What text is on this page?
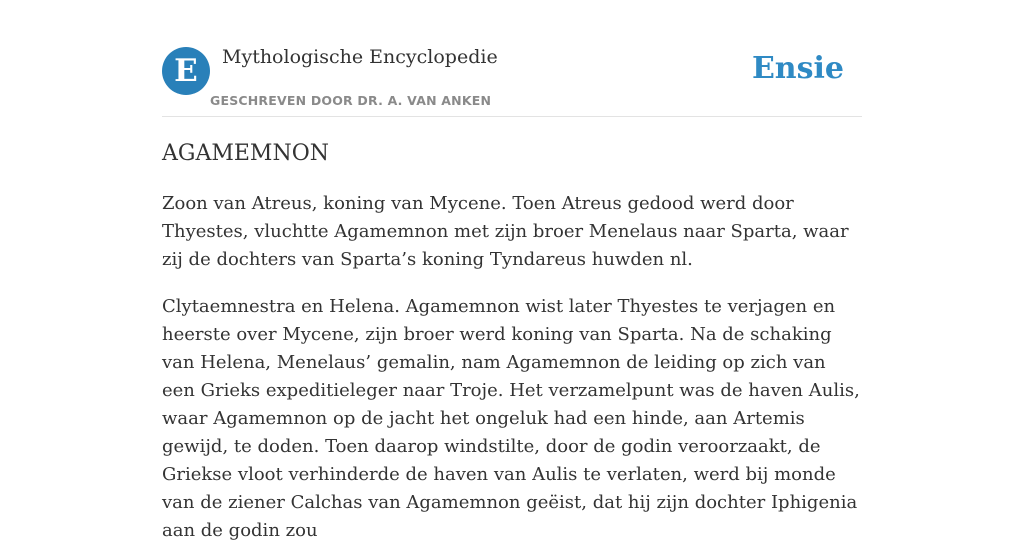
E	Mythologische Encyclopedie
GESCHREVEN DOOR DR. A. VAN ANKEN
Ensie
AGAMEMNON

Zoon van Atreus, koning van Mycene. Toen Atreus gedood werd door Thyestes, vluchtte Agamemnon met zijn broer Menelaus naar Sparta, waar zij de dochters van Sparta’s koning Tyndareus huwden nl.

Clytaemnestra en Helena. Agamemnon wist later Thyestes te verjagen en heerste over Mycene, zijn broer werd koning van Sparta. Na de schaking van Helena, Menelaus’ gemalin, nam Agamemnon de leiding op zich van een Grieks expeditieleger naar Troje. Het verzamelpunt was de haven Aulis, waar Agamemnon op de jacht het ongeluk had een hinde, aan Artemis gewijd, te doden. Toen daarop windstilte, door de godin veroorzaakt, de Griekse vloot verhinderde de haven van Aulis te verlaten, werd bij monde van de ziener Calchas van Agamemnon geëist, dat hij zijn dochter Iphigenia aan de godin zou
